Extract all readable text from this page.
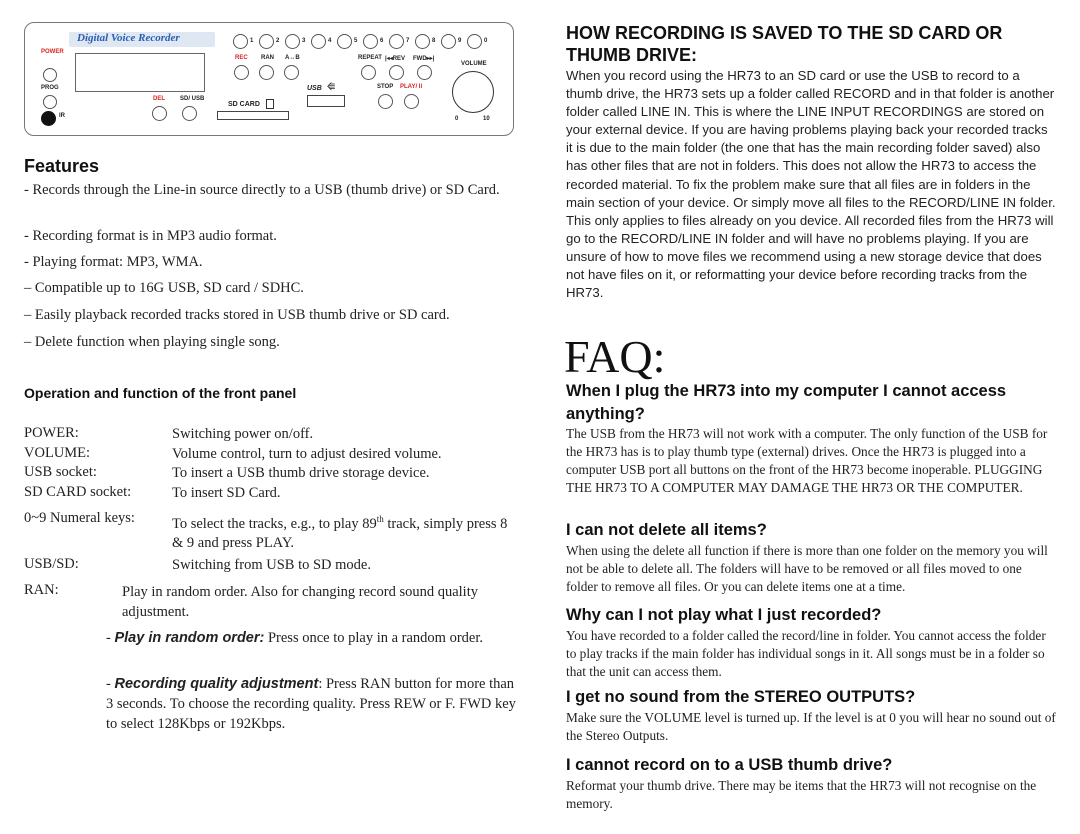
Digital Voice Recorder
POWER
PROG
IR
DEL	SD/ USB
SD CARD
REC RAN A↔B
USB ⭅
1	2	3	4	5	6	7	8	9	0
REPEAT |◂◂REV FWD▸▸|
STOP PLAY/ II
VOLUME
0	10
Features
- Records through the Line-in source directly to a USB (thumb drive) or SD Card.
- Recording format is in MP3 audio format.
- Playing format: MP3, WMA.
– Compatible up to 16G USB, SD card / SDHC.
– Easily playback recorded tracks stored in USB thumb drive or SD card.
– Delete function when playing single song.
Operation and function of the front panel
POWER:	Switching power on/off.
VOLUME:	Volume control, turn to adjust desired volume.
USB socket:	To insert a USB thumb drive storage device.
SD CARD socket:	To insert SD Card.
0~9 Numeral keys:	To select the tracks, e.g., to play 89th track, simply press 8 & 9 and press PLAY.
USB/SD:	Switching from USB to SD mode.
RAN:	Play in random order. Also for changing record sound quality adjustment.
- Play in random order: Press once to play in a random order.
- Recording quality adjustment: Press RAN button for more than 3 seconds. To choose the recording quality. Press REW or F. FWD key to select 128Kbps or 192Kbps.
HOW RECORDING IS SAVED TO THE SD CARD OR THUMB DRIVE:
When you record using the HR73 to an SD card or use the USB to record to a thumb drive, the HR73 sets up a folder called RECORD and in that folder is another folder called LINE IN. This is where the LINE INPUT RECORDINGS are stored on your external device. If you are having problems playing back your recorded tracks it is due to the main folder (the one that has the main recording folder saved) also has other files that are not in folders. This does not allow the HR73 to access the recorded material. To fix the problem make sure that all files are in folders in the main section of your device. Or simply move all files to the RECORD/LINE IN folder. This only applies to files already on you device. All recorded files from the HR73 will go to the RECORD/LINE IN folder and will have no problems playing. If you are unsure of how to move files we recommend using a new storage device that does not have files on it, or reformatting your device before recording tracks from the HR73.
FAQ:
When I plug the HR73 into my computer I cannot access anything?
The USB from the HR73 will not work with a computer. The only function of the USB for the HR73 has is to play thumb type (external) drives. Once the HR73 is plugged into a computer USB port all buttons on the front of the HR73 become inoperable. PLUGGING THE HR73 TO A COMPUTER MAY DAMAGE THE HR73 OR THE COMPUTER.
I can not delete all items?
When using the delete all function if there is more than one folder on the memory you will not be able to delete all. The folders will have to be removed or all files moved to one folder to remove all files. Or you can delete items one at a time.
Why can I not play what I just recorded?
You have recorded to a folder called the record/line in folder. You cannot access the folder to play tracks if the main folder has individual songs in it. All songs must be in a folder so that the unit can access them.
I get no sound from the STEREO OUTPUTS?
Make sure the VOLUME level is turned up. If the level is at 0 you will hear no sound out of the Stereo Outputs.
I cannot record on to a USB thumb drive?
Reformat your thumb drive. There may be items that the HR73 will not recognise on the memory.
